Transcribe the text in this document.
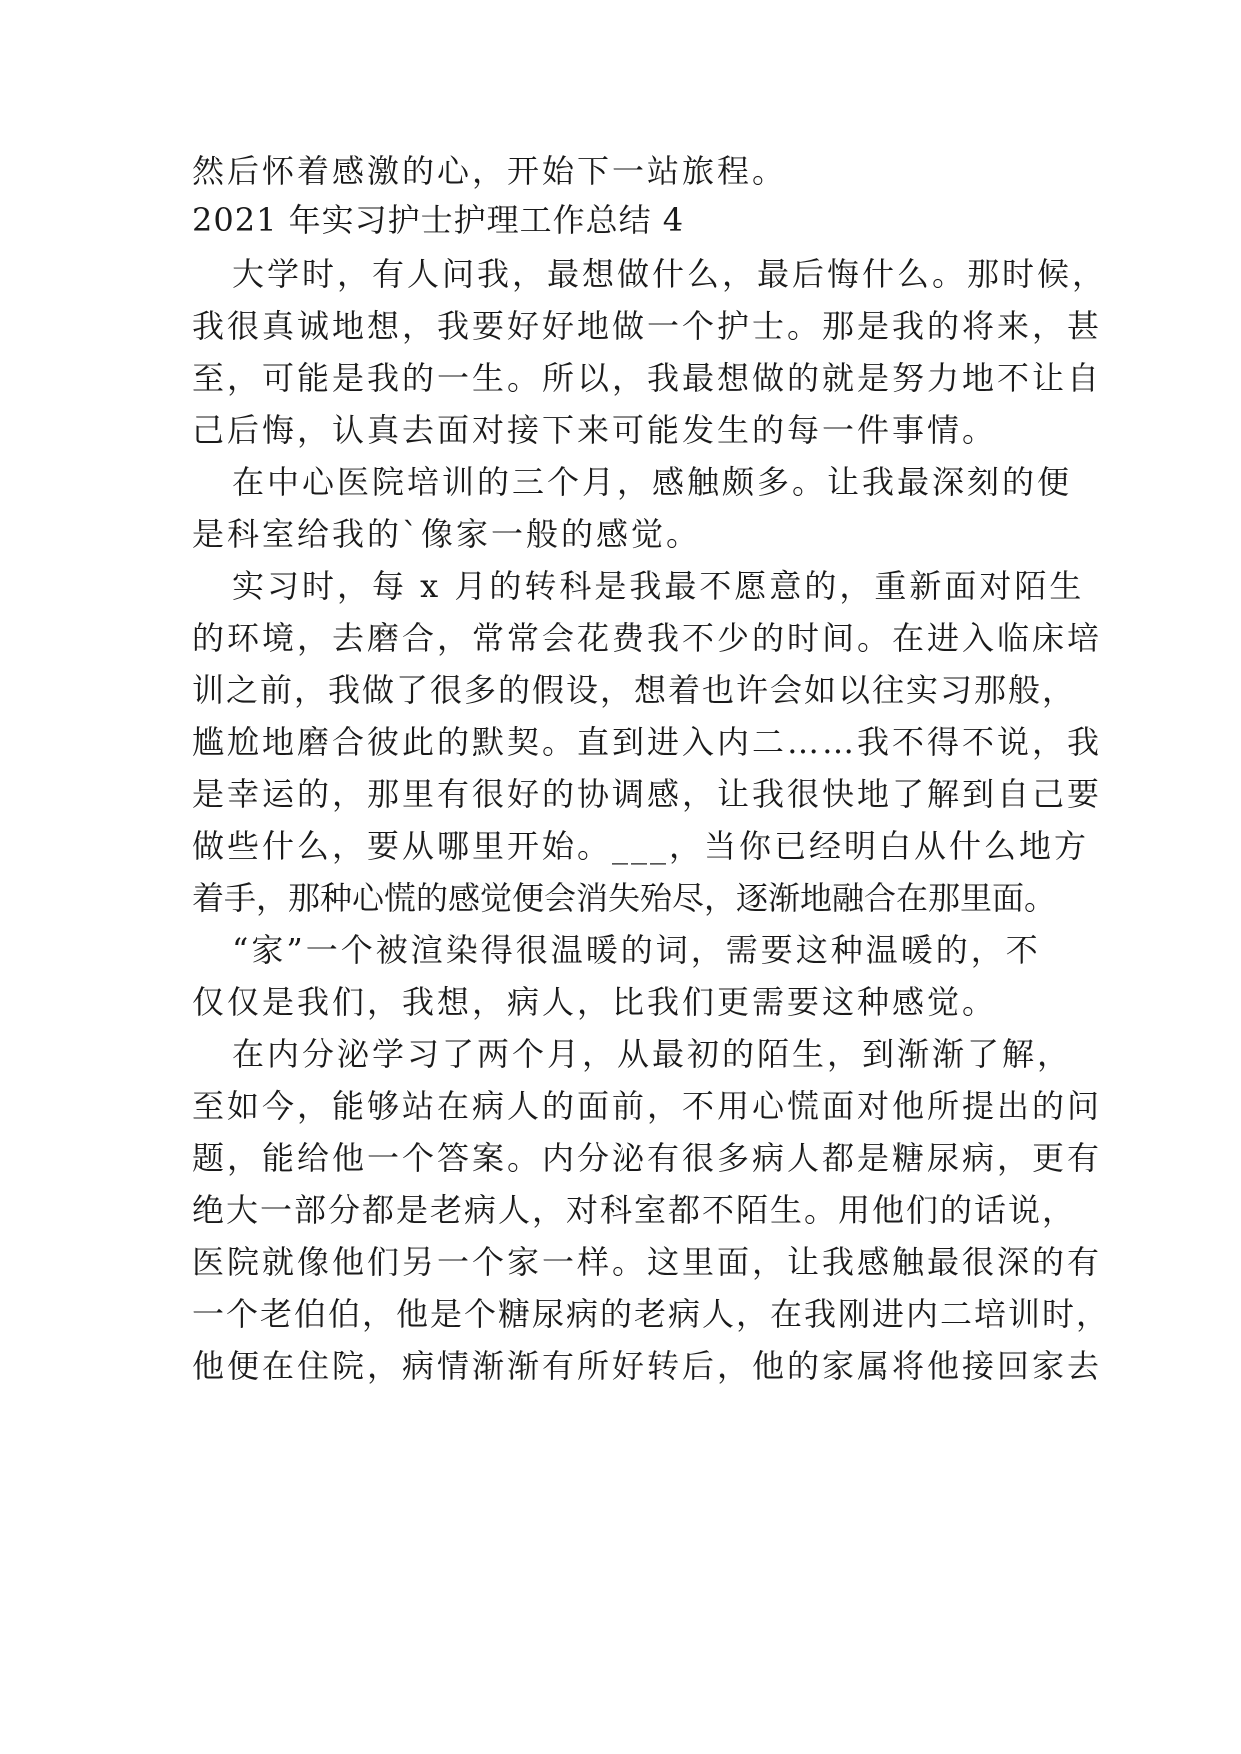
然后怀着感激的心，开始下一站旅程。
2021 年实习护士护理工作总结 4
大学时，有人问我，最想做什么，最后悔什么。那时候，
我很真诚地想，我要好好地做一个护士。那是我的将来，甚
至，可能是我的一生。所以，我最想做的就是努力地不让自
己后悔，认真去面对接下来可能发生的每一件事情。
在中心医院培训的三个月，感触颇多。让我最深刻的便
是科室给我的`像家一般的感觉。
实习时，每 x 月的转科是我最不愿意的，重新面对陌生
的环境，去磨合，常常会花费我不少的时间。在进入临床培
训之前，我做了很多的假设，想着也许会如以往实习那般，
尴尬地磨合彼此的默契。直到进入内二……我不得不说，我
是幸运的，那里有很好的协调感，让我很快地了解到自己要
做些什么，要从哪里开始。___，当你已经明白从什么地方
着手，那种心慌的感觉便会消失殆尽，逐渐地融合在那里面。
“家”一个被渲染得很温暖的词，需要这种温暖的，不
仅仅是我们，我想，病人，比我们更需要这种感觉。
在内分泌学习了两个月，从最初的陌生，到渐渐了解，
至如今，能够站在病人的面前，不用心慌面对他所提出的问
题，能给他一个答案。内分泌有很多病人都是糖尿病，更有
绝大一部分都是老病人，对科室都不陌生。用他们的话说，
医院就像他们另一个家一样。这里面，让我感触最很深的有
一个老伯伯，他是个糖尿病的老病人，在我刚进内二培训时，
他便在住院，病情渐渐有所好转后，他的家属将他接回家去
